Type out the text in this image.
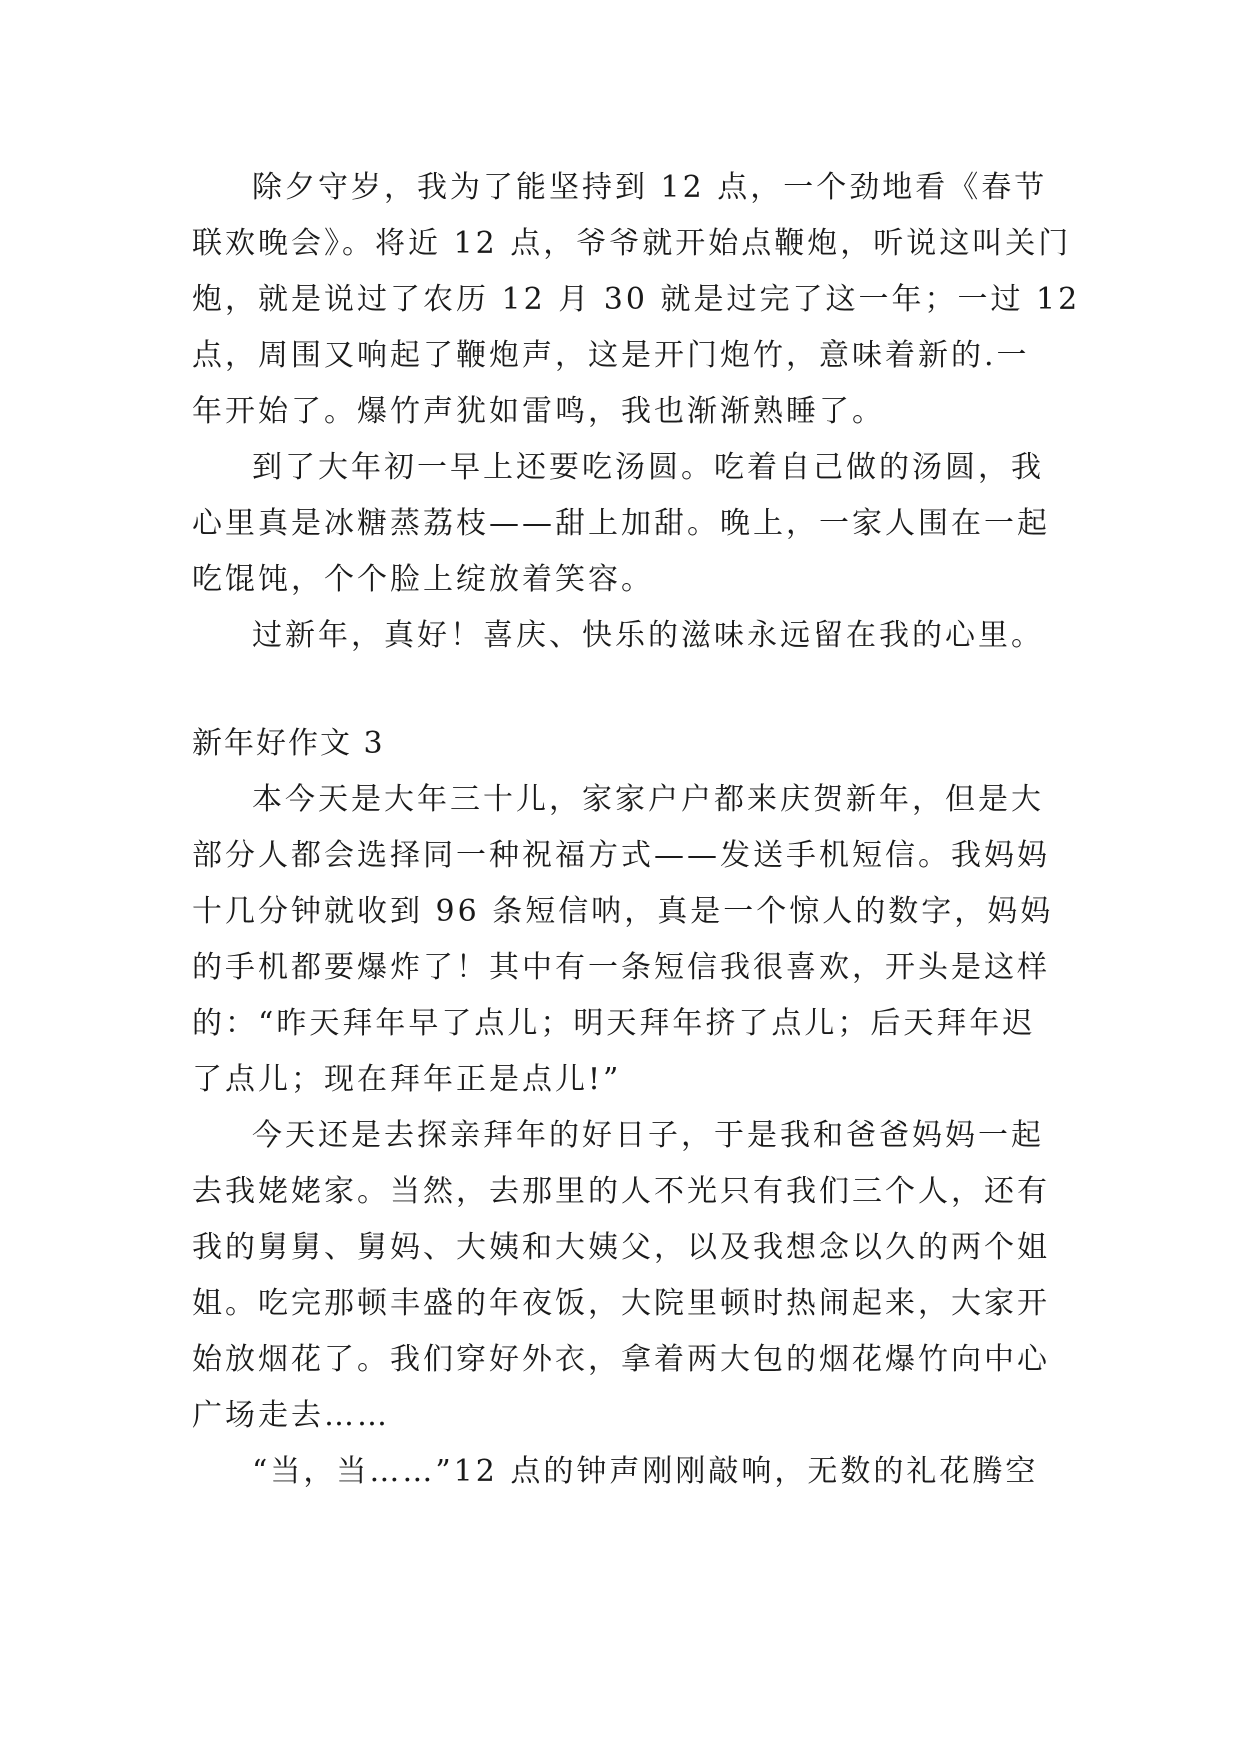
除夕守岁，我为了能坚持到 12 点，一个劲地看《春节
联欢晚会》。将近 12 点，爷爷就开始点鞭炮，听说这叫关门
炮，就是说过了农历 12 月 30 就是过完了这一年；一过 12
点，周围又响起了鞭炮声，这是开门炮竹，意味着新的.一
年开始了。爆竹声犹如雷鸣，我也渐渐熟睡了。
到了大年初一早上还要吃汤圆。吃着自己做的汤圆，我
心里真是冰糖蒸荔枝——甜上加甜。晚上，一家人围在一起
吃馄饨，个个脸上绽放着笑容。
过新年，真好！喜庆、快乐的滋味永远留在我的心里。
新年好作文 3
本今天是大年三十儿，家家户户都来庆贺新年，但是大
部分人都会选择同一种祝福方式——发送手机短信。我妈妈
十几分钟就收到 96 条短信呐，真是一个惊人的数字，妈妈
的手机都要爆炸了！其中有一条短信我很喜欢，开头是这样
的：“昨天拜年早了点儿；明天拜年挤了点儿；后天拜年迟
了点儿；现在拜年正是点儿!”
今天还是去探亲拜年的好日子，于是我和爸爸妈妈一起
去我姥姥家。当然，去那里的人不光只有我们三个人，还有
我的舅舅、舅妈、大姨和大姨父，以及我想念以久的两个姐
姐。吃完那顿丰盛的年夜饭，大院里顿时热闹起来，大家开
始放烟花了。我们穿好外衣，拿着两大包的烟花爆竹向中心
广场走去……
“当，当……”12 点的钟声刚刚敲响，无数的礼花腾空
